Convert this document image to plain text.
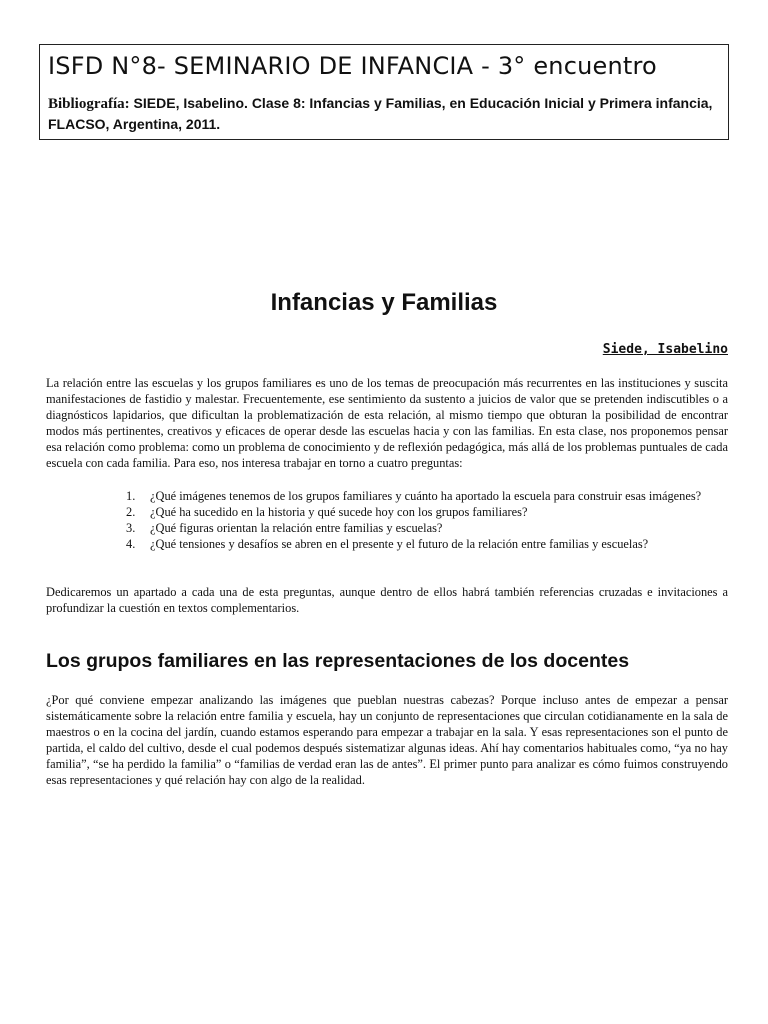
ISFD N°8- SEMINARIO DE INFANCIA - 3° encuentro
Bibliografía: SIEDE, Isabelino. Clase 8: Infancias y Familias, en Educación Inicial y Primera infancia, FLACSO, Argentina, 2011.
Infancias y Familias
Siede, Isabelino

La relación entre las escuelas y los grupos familiares es uno de los temas de preocupación más recurrentes en las instituciones y suscita manifestaciones de fastidio y malestar. Frecuentemente, ese sentimiento da sustento a juicios de valor que se pretenden indiscutibles o a diagnósticos lapidarios, que dificultan la problematización de esta relación, al mismo tiempo que obturan la posibilidad de encontrar modos más pertinentes, creativos y eficaces de operar desde las escuelas hacia y con las familias. En esta clase, nos proponemos pensar esa relación como problema: como un problema de conocimiento y de reflexión pedagógica, más allá de los problemas puntuales de cada escuela con cada familia. Para eso, nos interesa trabajar en torno a cuatro preguntas:

1. ¿Qué imágenes tenemos de los grupos familiares y cuánto ha aportado la escuela para construir esas imágenes?
2. ¿Qué ha sucedido en la historia y qué sucede hoy con los grupos familiares?
3. ¿Qué figuras orientan la relación entre familias y escuelas?
4. ¿Qué tensiones y desafíos se abren en el presente y el futuro de la relación entre familias y escuelas?

Dedicaremos un apartado a cada una de esta preguntas, aunque dentro de ellos habrá también referencias cruzadas e invitaciones a profundizar la cuestión en textos complementarios.

Los grupos familiares en las representaciones de los docentes

¿Por qué conviene empezar analizando las imágenes que pueblan nuestras cabezas? Porque incluso antes de empezar a pensar sistemáticamente sobre la relación entre familia y escuela, hay un conjunto de representaciones que circulan cotidianamente en la sala de maestros o en la cocina del jardín, cuando estamos esperando para empezar a trabajar en la sala. Y esas representaciones son el punto de partida, el caldo del cultivo, desde el cual podemos después sistematizar algunas ideas. Ahí hay comentarios habituales como, “ya no hay familia”, “se ha perdido la familia” o “familias de verdad eran las de antes”. El primer punto para analizar es cómo fuimos construyendo esas representaciones y qué relación hay con algo de la realidad.
